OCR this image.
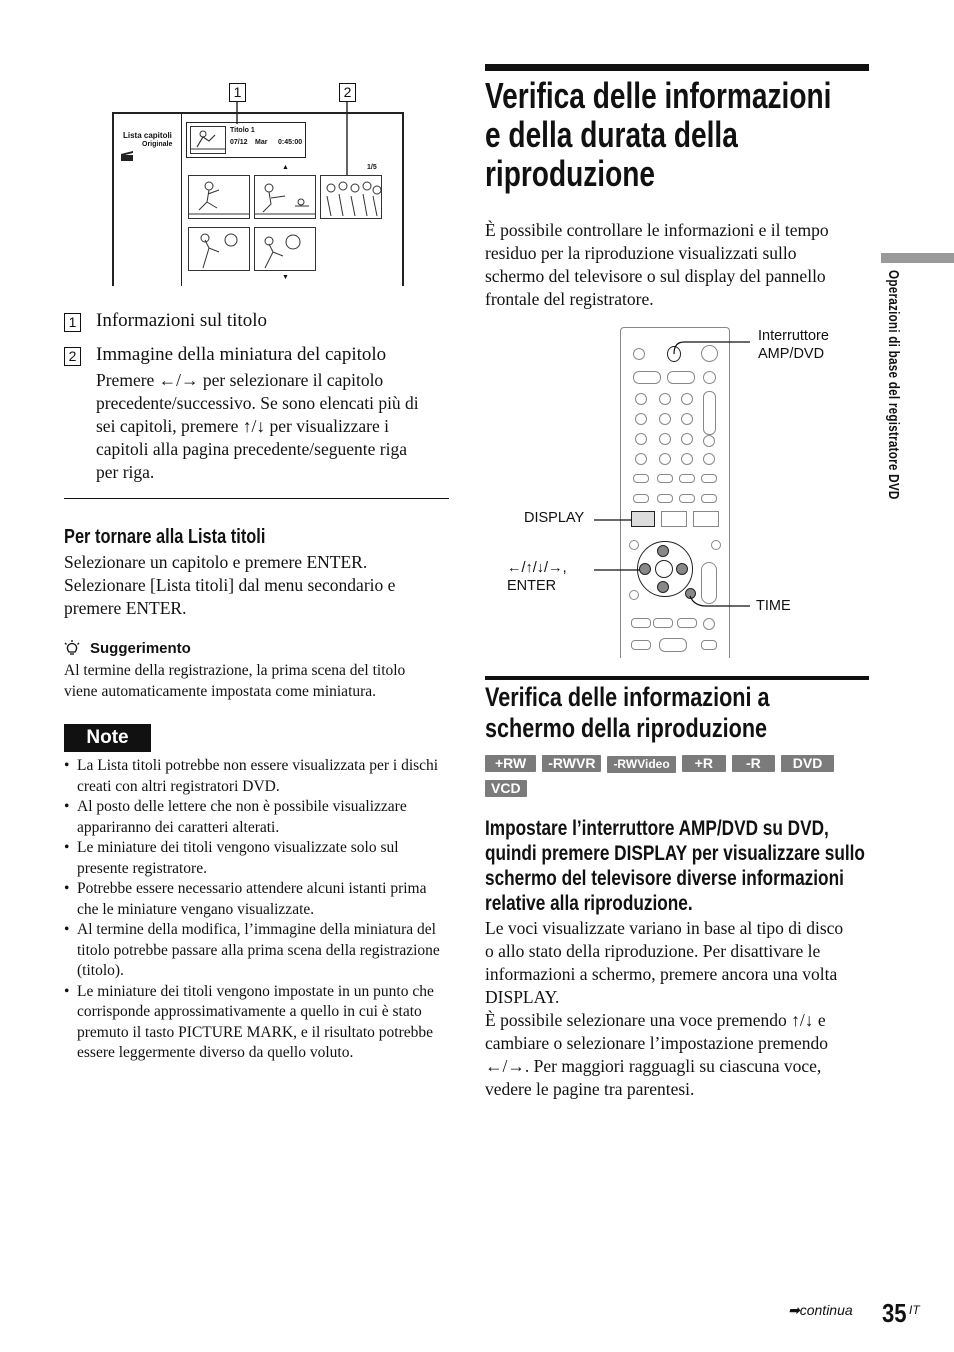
1	2
Lista capitoli
Originale
Titolo 1
07/12 Mar 0:45:00
▲	1/5
▼
1 Informazioni sul titolo
2 Immagine della miniatura del capitolo
Premere ←/→ per selezionare il capitolo
precedente/successivo. Se sono elencati più di
sei capitoli, premere ↑/↓ per visualizzare i
capitoli alla pagina precedente/seguente riga
per riga.
Per tornare alla Lista titoli
Selezionare un capitolo e premere ENTER.
Selezionare [Lista titoli] dal menu secondario e
premere ENTER.
Suggerimento
Al termine della registrazione, la prima scena del titolo
viene automaticamente impostata come miniatura.
Note
• La Lista titoli potrebbe non essere visualizzata per i dischi creati con altri registratori DVD.
• Al posto delle lettere che non è possibile visualizzare appariranno dei caratteri alterati.
• Le miniature dei titoli vengono visualizzate solo sul presente registratore.
• Potrebbe essere necessario attendere alcuni istanti prima che le miniature vengano visualizzate.
• Al termine della modifica, l’immagine della miniatura del titolo potrebbe passare alla prima scena della registrazione (titolo).
• Le miniature dei titoli vengono impostate in un punto che corrisponde approssimativamente a quello in cui è stato premuto il tasto PICTURE MARK, e il risultato potrebbe essere leggermente diverso da quello voluto.
Verifica delle informazioni
e della durata della
riproduzione
È possibile controllare le informazioni e il tempo
residuo per la riproduzione visualizzati sullo
schermo del televisore o sul display del pannello
frontale del registratore.
Interruttore
AMP/DVD
DISPLAY
←/↑/↓/→,
ENTER
TIME
Verifica delle informazioni a
schermo della riproduzione
+RW -RWVR -RWVideo +R -R DVD
VCD
Impostare l’interruttore AMP/DVD su DVD,
quindi premere DISPLAY per visualizzare sullo
schermo del televisore diverse informazioni
relative alla riproduzione.
Le voci visualizzate variano in base al tipo di disco
o allo stato della riproduzione. Per disattivare le
informazioni a schermo, premere ancora una volta
DISPLAY.
È possibile selezionare una voce premendo ↑/↓ e
cambiare o selezionare l’impostazione premendo
←/→. Per maggiori ragguagli su ciascuna voce,
vedere le pagine tra parentesi.
Operazioni di base del registratore DVD
➡continua 35 IT
